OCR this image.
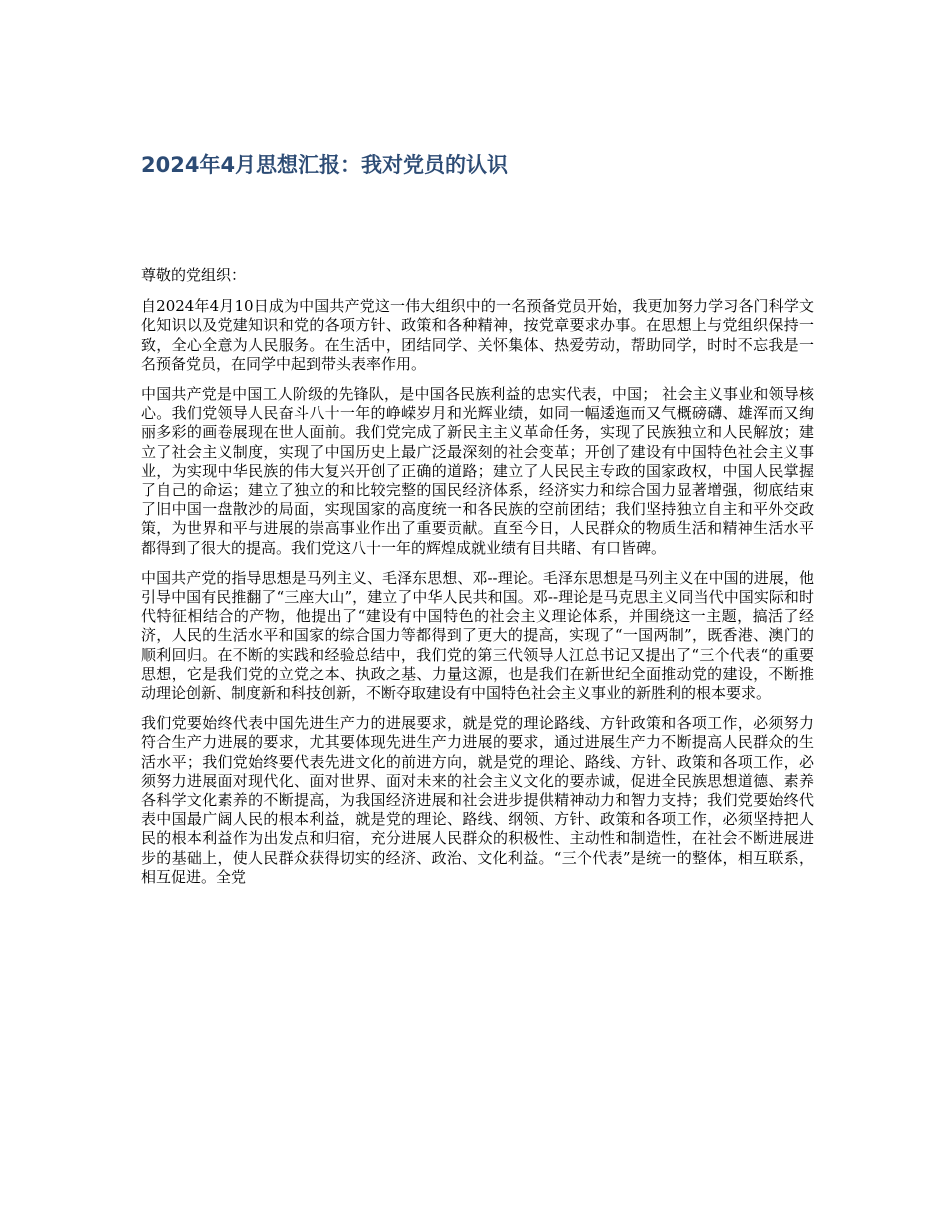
2024年4月思想汇报：我对党员的认识

尊敬的党组织：

自2024年4月10日成为中国共产党这一伟大组织中的一名预备党员开始，我更加努力学习各门科学文化知识以及党建知识和党的各项方针、政策和各种精神，按党章要求办事。在思想上与党组织保持一致，全心全意为人民服务。在生活中，团结同学、关怀集体、热爱劳动，帮助同学，时时不忘我是一名预备党员，在同学中起到带头表率作用。

中国共产党是中国工人阶级的先锋队，是中国各民族利益的忠实代表，中国； 社会主义事业和领导核心。我们党领导人民奋斗八十一年的峥嵘岁月和光辉业绩，如同一幅逶迤而又气概磅礴、雄浑而又绚丽多彩的画卷展现在世人面前。我们党完成了新民主主义革命任务，实现了民族独立和人民解放；建立了社会主义制度，实现了中国历史上最广泛最深刻的社会变革；开创了建设有中国特色社会主义事业，为实现中华民族的伟大复兴开创了正确的道路；建立了人民民主专政的国家政权，中国人民掌握了自己的命运；建立了独立的和比较完整的国民经济体系，经济实力和综合国力显著增强，彻底结束了旧中国一盘散沙的局面，实现国家的高度统一和各民族的空前团结；我们坚持独立自主和平外交政策，为世界和平与进展的崇高事业作出了重要贡献。直至今日，人民群众的物质生活和精神生活水平都得到了很大的提高。我们党这八十一年的辉煌成就业绩有目共睹、有口皆碑。

中国共产党的指导思想是马列主义、毛泽东思想、邓--理论。毛泽东思想是马列主义在中国的进展，他引导中国有民推翻了“三座大山”，建立了中华人民共和国。邓--理论是马克思主义同当代中国实际和时代特征相结合的产物，他提出了“建设有中国特色的社会主义理论体系，并围绕这一主题，搞活了经济，人民的生活水平和国家的综合国力等都得到了更大的提高，实现了“一国两制”，既香港、澳门的顺利回归。在不断的实践和经验总结中，我们党的第三代领导人江总书记又提出了“三个代表“的重要思想，它是我们党的立党之本、执政之基、力量这源，也是我们在新世纪全面推动党的建设，不断推动理论创新、制度新和科技创新，不断夺取建设有中国特色社会主义事业的新胜利的根本要求。

我们党要始终代表中国先进生产力的进展要求，就是党的理论路线、方针政策和各项工作，必须努力符合生产力进展的要求，尤其要体现先进生产力进展的要求，通过进展生产力不断提高人民群众的生活水平；我们党始终要代表先进文化的前进方向，就是党的理论、路线、方针、政策和各项工作，必须努力进展面对现代化、面对世界、面对未来的社会主义文化的要赤诚，促进全民族思想道德、素养各科学文化素养的不断提高，为我国经济进展和社会进步提供精神动力和智力支持；我们党要始终代表中国最广阔人民的根本利益，就是党的理论、路线、纲领、方针、政策和各项工作，必须坚持把人民的根本利益作为出发点和归宿，充分进展人民群众的积极性、主动性和制造性，在社会不断进展进步的基础上，使人民群众获得切实的经济、政治、文化利益。“三个代表”是统一的整体，相互联系，相互促进。全党
